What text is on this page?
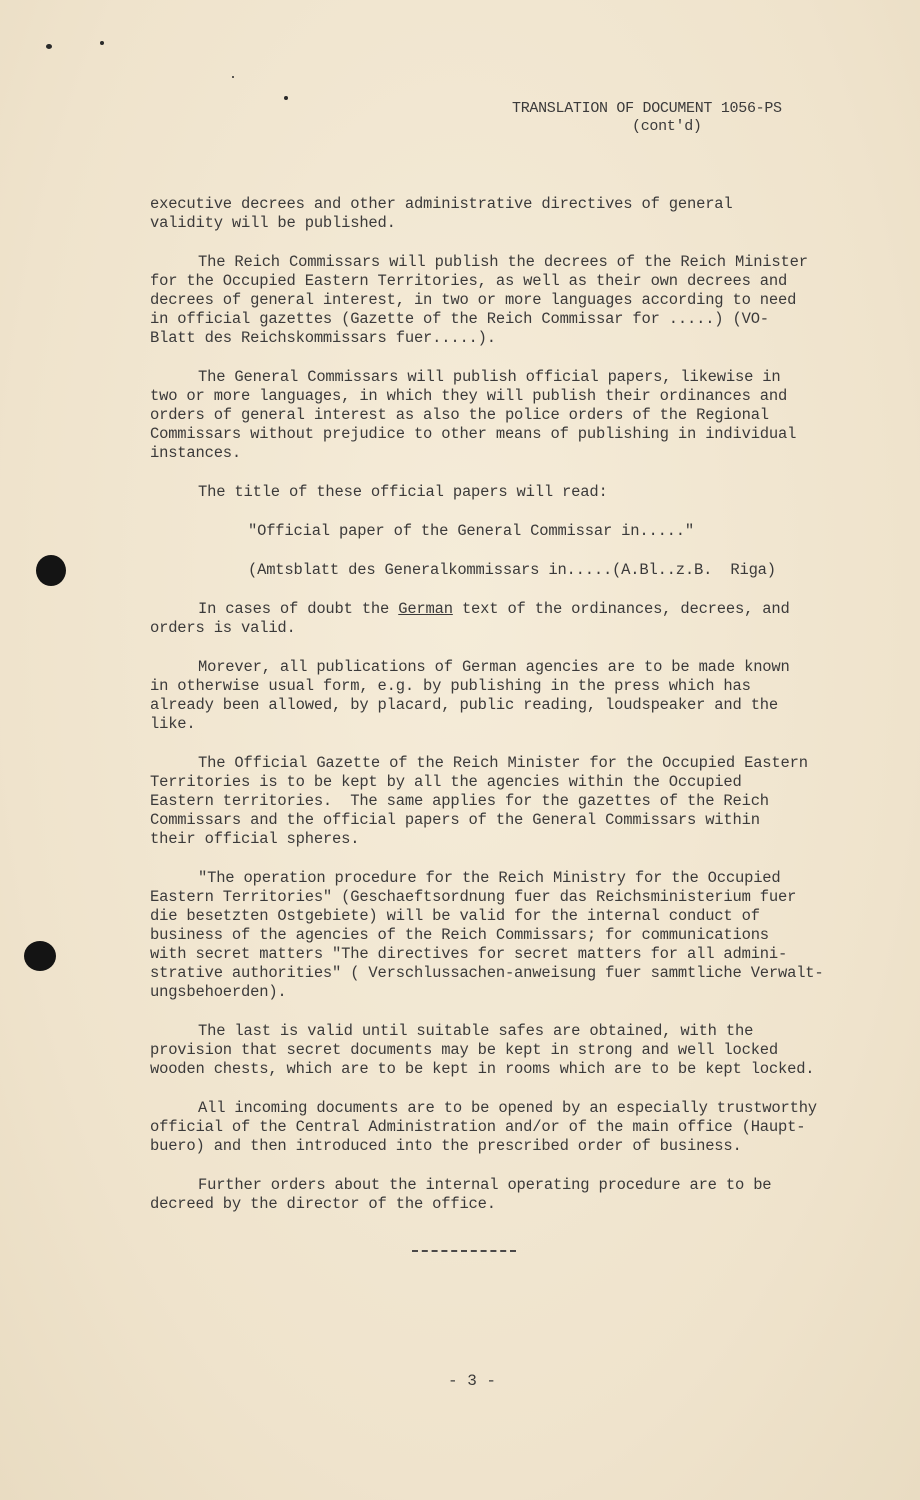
TRANSLATION OF DOCUMENT 1056-PS
(cont'd)

executive decrees and other administrative directives of general
validity will be published.

The Reich Commissars will publish the decrees of the Reich Minister
for the Occupied Eastern Territories, as well as their own decrees and
decrees of general interest, in two or more languages according to need
in official gazettes (Gazette of the Reich Commissar for .....) (VO-
Blatt des Reichskommissars fuer.....).

The General Commissars will publish official papers, likewise in
two or more languages, in which they will publish their ordinances and
orders of general interest as also the police orders of the Regional
Commissars without prejudice to other means of publishing in individual
instances.

The title of these official papers will read:

"Official paper of the General Commissar in....."

(Amtsblatt des Generalkommissars in.....(A.Bl..z.B.  Riga)

In cases of doubt the German text of the ordinances, decrees, and
orders is valid.

Morever, all publications of German agencies are to be made known
in otherwise usual form, e.g. by publishing in the press which has
already been allowed, by placard, public reading, loudspeaker and the
like.

The Official Gazette of the Reich Minister for the Occupied Eastern
Territories is to be kept by all the agencies within the Occupied
Eastern territories.  The same applies for the gazettes of the Reich
Commissars and the official papers of the General Commissars within
their official spheres.

"The operation procedure for the Reich Ministry for the Occupied
Eastern Territories" (Geschaeftsordnung fuer das Reichsministerium fuer
die besetzten Ostgebiete) will be valid for the internal conduct of
business of the agencies of the Reich Commissars; for communications
with secret matters "The directives for secret matters for all admini-
strative authorities" ( Verschlussachen-anweisung fuer sammtliche Verwalt-
ungsbehoerden).

The last is valid until suitable safes are obtained, with the
provision that secret documents may be kept in strong and well locked
wooden chests, which are to be kept in rooms which are to be kept locked.

All incoming documents are to be opened by an especially trustworthy
official of the Central Administration and/or of the main office (Haupt-
buero) and then introduced into the prescribed order of business.

Further orders about the internal operating procedure are to be
decreed by the director of the office.

- 3 -
